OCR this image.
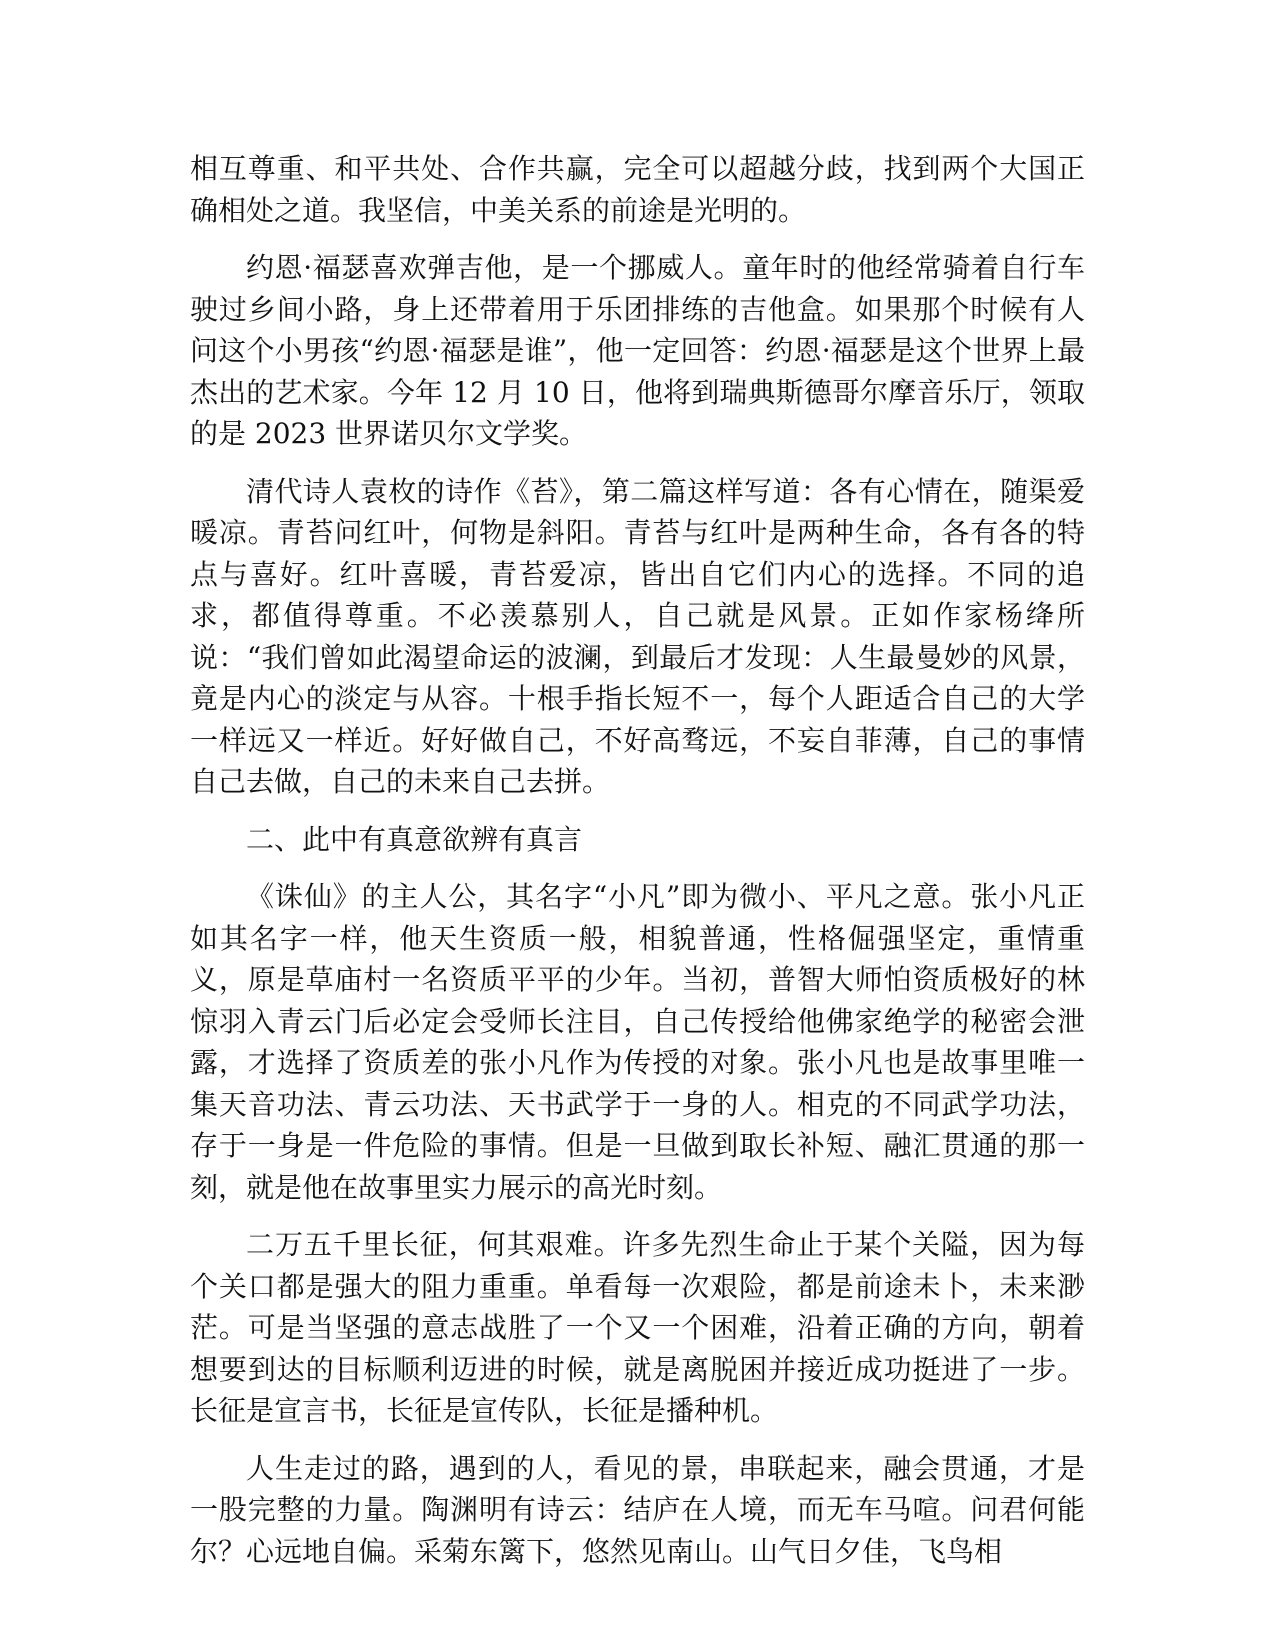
相互尊重、和平共处、合作共赢，完全可以超越分歧，找到两个大国正确相处之道。我坚信，中美关系的前途是光明的。

约恩·福瑟喜欢弹吉他，是一个挪威人。童年时的他经常骑着自行车驶过乡间小路，身上还带着用于乐团排练的吉他盒。如果那个时候有人问这个小男孩“约恩·福瑟是谁”，他一定回答：约恩·福瑟是这个世界上最杰出的艺术家。今年 12 月 10 日，他将到瑞典斯德哥尔摩音乐厅，领取的是 2023 世界诺贝尔文学奖。

清代诗人袁枚的诗作《苔》，第二篇这样写道：各有心情在，随渠爱暖凉。青苔问红叶，何物是斜阳。青苔与红叶是两种生命，各有各的特点与喜好。红叶喜暖，青苔爱凉，皆出自它们内心的选择。不同的追求，都值得尊重。不必羡慕别人，自己就是风景。正如作家杨绛所说：“我们曾如此渴望命运的波澜，到最后才发现：人生最曼妙的风景，竟是内心的淡定与从容。十根手指长短不一，每个人距适合自己的大学一样远又一样近。好好做自己，不好高骛远，不妄自菲薄，自己的事情自己去做，自己的未来自己去拼。

二、此中有真意欲辨有真言

《诛仙》的主人公，其名字“小凡”即为微小、平凡之意。张小凡正如其名字一样，他天生资质一般，相貌普通，性格倔强坚定，重情重义，原是草庙村一名资质平平的少年。当初，普智大师怕资质极好的林惊羽入青云门后必定会受师长注目，自己传授给他佛家绝学的秘密会泄露，才选择了资质差的张小凡作为传授的对象。张小凡也是故事里唯一集天音功法、青云功法、天书武学于一身的人。相克的不同武学功法，存于一身是一件危险的事情。但是一旦做到取长补短、融汇贯通的那一刻，就是他在故事里实力展示的高光时刻。

二万五千里长征，何其艰难。许多先烈生命止于某个关隘，因为每个关口都是强大的阻力重重。单看每一次艰险，都是前途未卜，未来渺茫。可是当坚强的意志战胜了一个又一个困难，沿着正确的方向，朝着想要到达的目标顺利迈进的时候，就是离脱困并接近成功挺进了一步。长征是宣言书，长征是宣传队，长征是播种机。

人生走过的路，遇到的人，看见的景，串联起来，融会贯通，才是一股完整的力量。陶渊明有诗云：结庐在人境，而无车马喧。问君何能尔？心远地自偏。采菊东篱下，悠然见南山。山气日夕佳，飞鸟相
